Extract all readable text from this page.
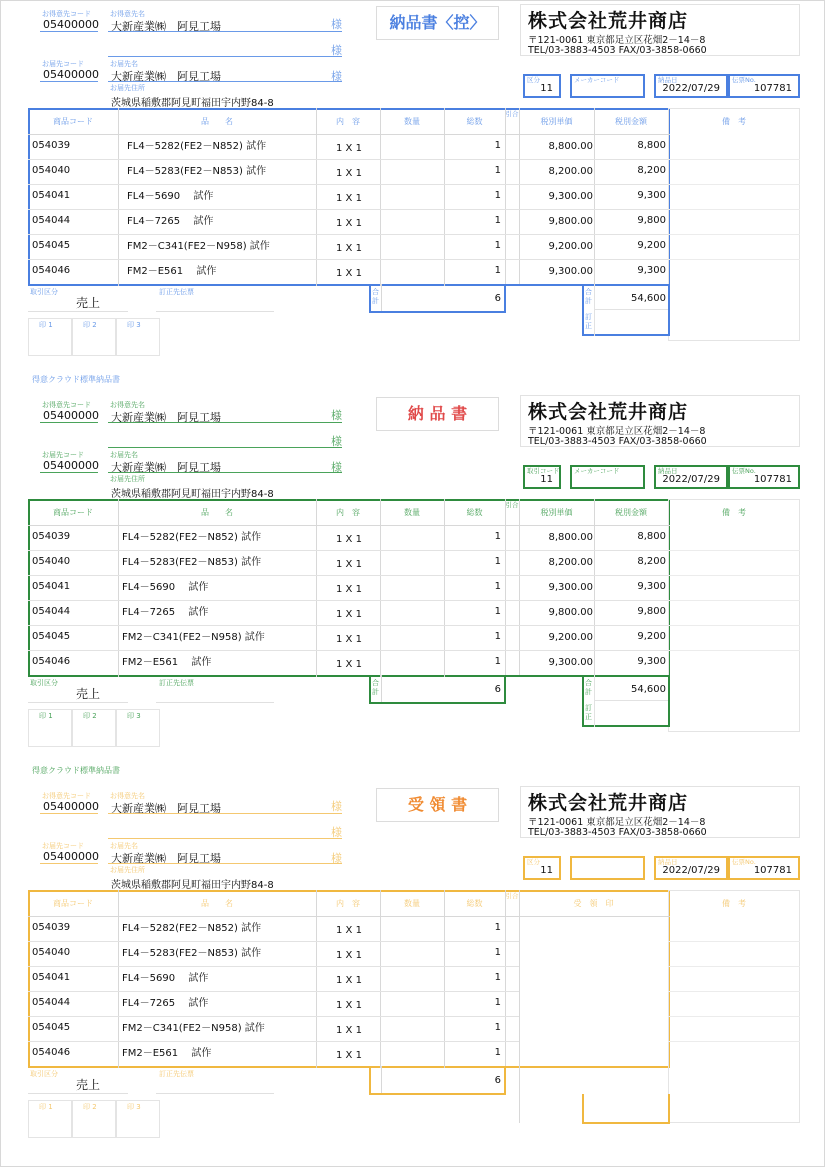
お得意先コード
05400000
お得意先名
大新産業㈱　阿見工場	様
様
お届先コード
05400000
お届先名
大新産業㈱　阿見工場	様
お届先住所
茨城県稲敷郡阿見町福田宇内野84-8
納品書〈控〉	株式会社荒井商店
〒121-0061 東京都足立区花畑2－14－8
TEL/03-3883-4503 FAX/03-3858-0660
区分
11
メーカーコード	納品日
2022/07/29
伝票No.
107781
商品コード	品　　名	内　容	数量	総数
引合
税別単価	税別金額	備　考
054039	FL4－5282(FE2－N852) 試作	1 X 1	1	8,800.00	8,800
054040	FL4－5283(FE2－N853) 試作	1 X 1	1	8,200.00	8,200
054041	FL4－5690　 試作	1 X 1	1	9,300.00	9,300
054044	FL4－7265　 試作	1 X 1	1	9,800.00	9,800
054045	FM2－C341(FE2－N958) 試作	1 X 1	1	9,200.00	9,200
054046	FM2－E561　 試作	1 X 1	1	9,300.00	9,300
取引区分
売上
訂正先伝票
印 1	印 2	印 3
合計	6
合計
訂正
54,600
得意クラウド標準納品書
お得意先コード
05400000
お得意先名
大新産業㈱　阿見工場	様
様
お届先コード
05400000
お届先名
大新産業㈱　阿見工場	様
お届先住所
茨城県稲敷郡阿見町福田宇内野84-8
納 品 書	株式会社荒井商店
〒121-0061 東京都足立区花畑2－14－8
TEL/03-3883-4503 FAX/03-3858-0660
取引コード
11
メーカーコード	納品日
2022/07/29
伝票No.
107781
商品コード	品　　名	内　容	数量	総数
引合
税別単価	税別金額	備　考
054039	FL4－5282(FE2－N852) 試作	1 X 1	1	8,800.00	8,800
054040	FL4－5283(FE2－N853) 試作	1 X 1	1	8,200.00	8,200
054041	FL4－5690　 試作	1 X 1	1	9,300.00	9,300
054044	FL4－7265　 試作	1 X 1	1	9,800.00	9,800
054045	FM2－C341(FE2－N958) 試作	1 X 1	1	9,200.00	9,200
054046	FM2－E561　 試作	1 X 1	1	9,300.00	9,300
取引区分
売上
訂正先伝票
印 1	印 2	印 3
合計	6
合計
訂正
54,600
得意クラウド標準納品書
お得意先コード
05400000
お得意先名
大新産業㈱　阿見工場	様
様
お届先コード
05400000
お届先名
大新産業㈱　阿見工場	様
お届先住所
茨城県稲敷郡阿見町福田宇内野84-8
受 領 書	株式会社荒井商店
〒121-0061 東京都足立区花畑2－14－8
TEL/03-3883-4503 FAX/03-3858-0660
区分
11
納品日
2022/07/29
伝票No.
107781
商品コード	品　　名	内　容	数量	総数
引合
受　領　印	備　考
054039	FL4－5282(FE2－N852) 試作	1 X 1	1
054040	FL4－5283(FE2－N853) 試作	1 X 1	1
054041	FL4－5690　 試作	1 X 1	1
054044	FL4－7265　 試作	1 X 1	1
054045	FM2－C341(FE2－N958) 試作	1 X 1	1
054046	FM2－E561　 試作	1 X 1	1
取引区分
売上
訂正先伝票
印 1	印 2	印 3
6
